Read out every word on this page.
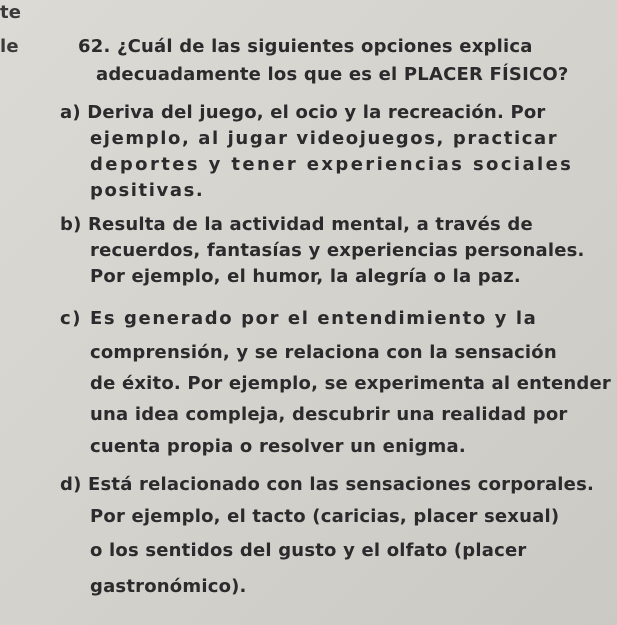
te
le	62. ¿Cuál de las siguientes opciones explica
adecuadamente los que es el PLACER FÍSICO?
a) Deriva del juego, el ocio y la recreación. Por
ejemplo, al jugar videojuegos, practicar
deportes y tener experiencias sociales
positivas.
b) Resulta de la actividad mental, a través de
recuerdos, fantasías y experiencias personales.
Por ejemplo, el humor, la alegría o la paz.
c) Es generado por el entendimiento y la
comprensión, y se relaciona con la sensación
de éxito. Por ejemplo, se experimenta al entender
una idea compleja, descubrir una realidad por
cuenta propia o resolver un enigma.
d) Está relacionado con las sensaciones corporales.
Por ejemplo, el tacto (caricias, placer sexual)
o los sentidos del gusto y el olfato (placer
gastronómico).
